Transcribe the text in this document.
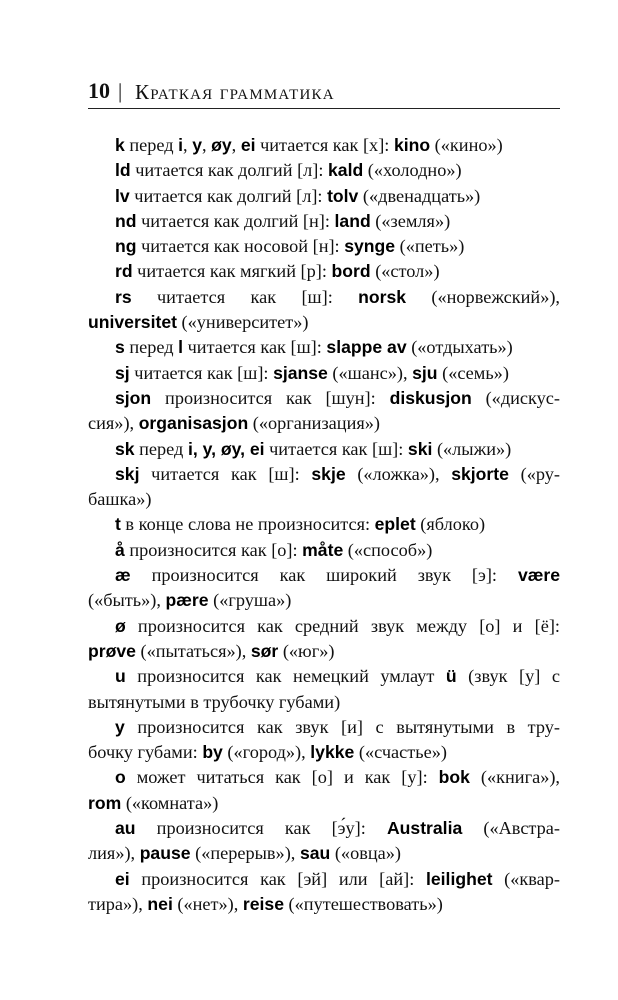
10 | Краткая грамматика
k перед i, y, øy, ei читается как [х]: kino («кино»)
ld читается как долгий [л]: kald («холодно»)
lv читается как долгий [л]: tolv («двенадцать»)
nd читается как долгий [н]: land («земля»)
ng читается как носовой [н]: synge («петь»)
rd читается как мягкий [р]: bord («стол»)
rs читается как [ш]: norsk («норвежский»),
universitet («университет»)
s перед l читается как [ш]: slappe av («отдыхать»)
sj читается как [ш]: sjanse («шанс»), sju («семь»)
sjon произносится как [шун]: diskusjon («дискус-
сия»), organisasjon («организация»)
sk перед i, y, øy, ei читается как [ш]: ski («лыжи»)
skj читается как [ш]: skje («ложка»), skjorte («ру-
башка»)
t в конце слова не произносится: eplet (яблоко)
å произносится как [о]: måte («способ»)
æ произносится как широкий звук [э]: være
(«быть»), pære («груша»)
ø произносится как средний звук между [о] и [ё]:
prøve («пытаться»), sør («юг»)
u произносится как немецкий умлаут ü (звук [у] с
вытянутыми в трубочку губами)
y произносится как звук [и] с вытянутыми в тру-
бочку губами: by («город»), lykke («счастье»)
o может читаться как [о] и как [у]: bok («книга»),
rom («комната»)
au произносится как [э́у]: Australia («Австра-
лия»), pause («перерыв»), sau («овца»)
ei произносится как [эй] или [ай]: leilighet («квар-
тира»), nei («нет»), reise («путешествовать»)
